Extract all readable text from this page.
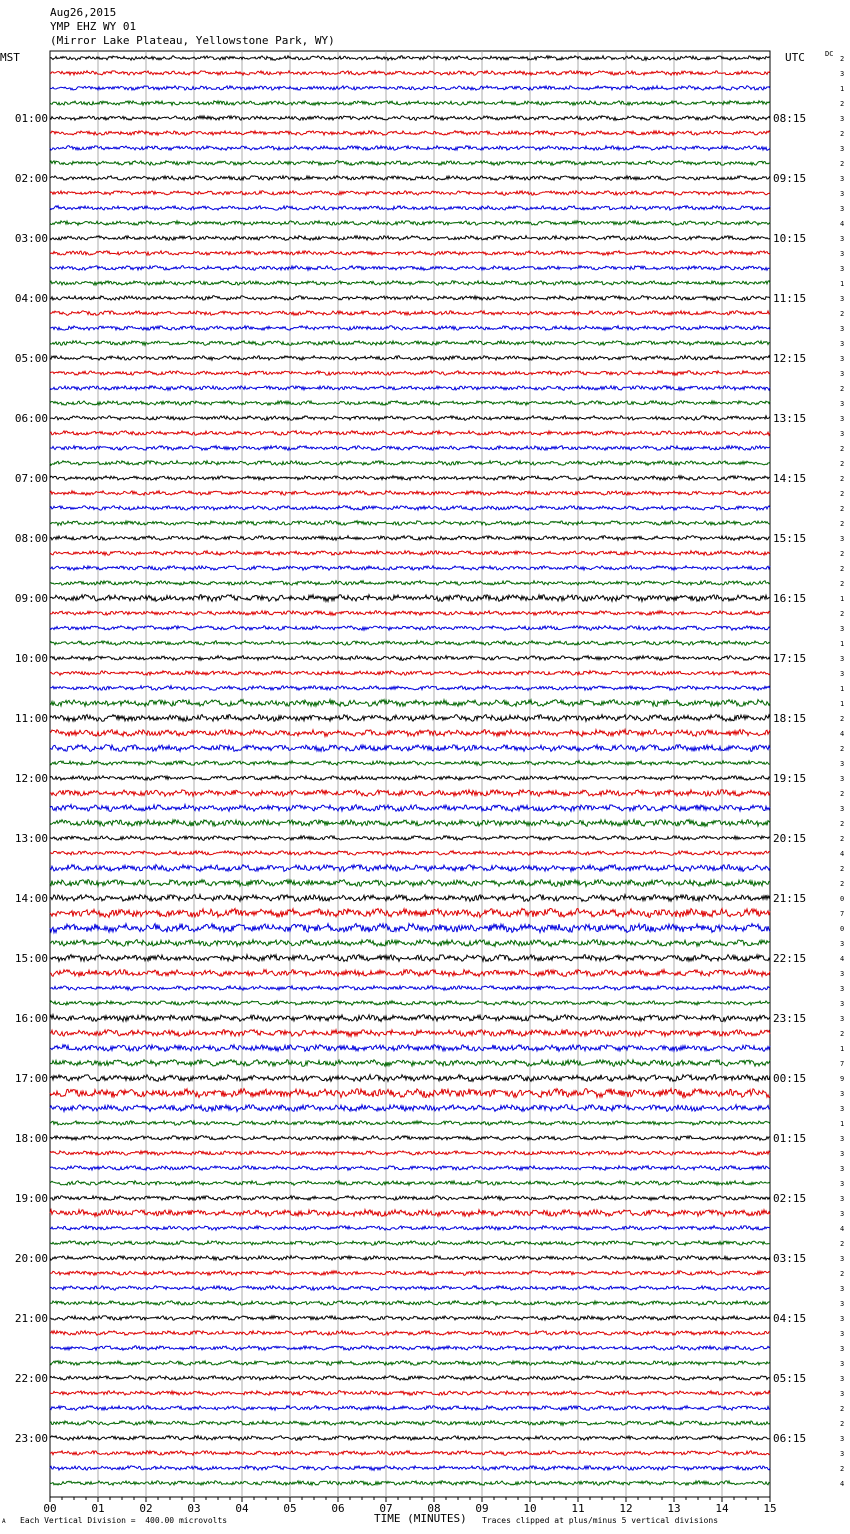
Aug26,2015
YMP EHZ WY 01
(Mirror Lake Plateau, Yellowstone Park, WY)
MST	UTC	2
3
1
2
3
2
3
2
3
3
3
4
3
3
3
1
3
2
3
3
3
3
2
3
3
3
2
2
2
2
2
2
3
2
2
2
1
2
3
1
3
3
1
1
2
4
2
3
3
2
3
2
2
4
2
2
0
7
0
3
4
3
3
3
3
2
1
7
9
3
3
1
3
3
3
3
3
3
4
2
3
2
3
3
3
3
3
3
3
3
2
2
3
3
2
4
DC
01:00
02:00
03:00
04:00
05:00
06:00
07:00
08:00
09:00
10:00
11:00
12:00
13:00
14:00
15:00
16:00
17:00
18:00
19:00
20:00
21:00
22:00
23:00
08:15
09:15
10:15
11:15
12:15
13:15
14:15
15:15
16:15
17:15
18:15
19:15
20:15
21:15
22:15
23:15
00:15
01:15
02:15
03:15
04:15
05:15
06:15
00	01	02	03	04	05	06	07	08	09	10	11	12	13	14	15
A Each Vertical Division =  400.00 microvolts	TIME (MINUTES) Traces clipped at plus/minus 5 vertical divisions
